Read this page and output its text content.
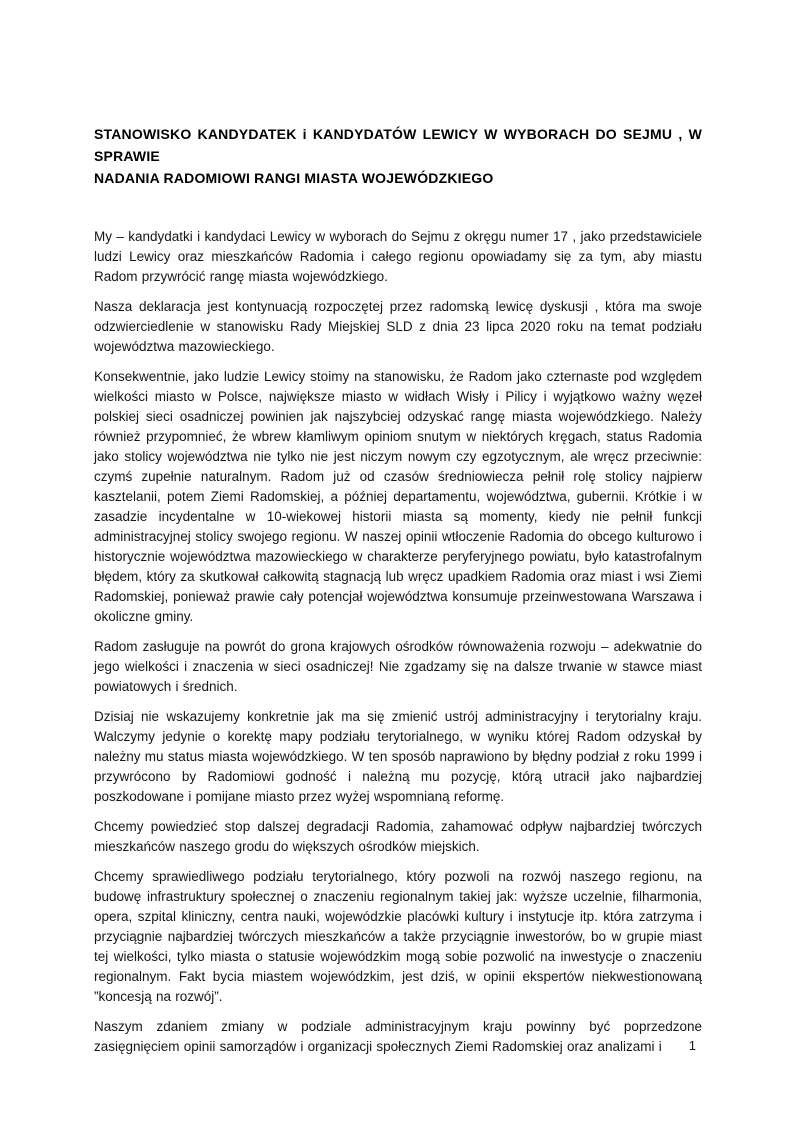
STANOWISKO KANDYDATEK i KANDYDATÓW LEWICY W WYBORACH DO SEJMU , W SPRAWIE
NADANIA RADOMIOWI RANGI MIASTA WOJEWÓDZKIEGO

My – kandydatki i kandydaci Lewicy w wyborach do Sejmu z okręgu numer 17 , jako przedstawiciele ludzi Lewicy oraz mieszkańców Radomia i całego regionu opowiadamy się za tym, aby miastu Radom przywrócić rangę miasta wojewódzkiego.

Nasza deklaracja jest kontynuacją rozpoczętej przez radomską lewicę dyskusji , która ma swoje odzwierciedlenie w stanowisku Rady Miejskiej SLD z dnia 23 lipca 2020 roku na temat podziału województwa mazowieckiego.

Konsekwentnie, jako ludzie Lewicy stoimy na stanowisku, że Radom jako czternaste pod względem wielkości miasto w Polsce, największe miasto w widłach Wisły i Pilicy i wyjątkowo ważny węzeł polskiej sieci osadniczej powinien jak najszybciej odzyskać rangę miasta wojewódzkiego. Należy również przypomnieć, że wbrew kłamliwym opiniom snutym w niektórych kręgach, status Radomia jako stolicy województwa nie tylko nie jest niczym nowym czy egzotycznym, ale wręcz przeciwnie: czymś zupełnie naturalnym. Radom już od czasów średniowiecza pełnił rolę stolicy najpierw kasztelanii, potem Ziemi Radomskiej, a później departamentu, województwa, gubernii. Krótkie i w zasadzie incydentalne w 10-wiekowej historii miasta są momenty, kiedy nie pełnił funkcji administracyjnej stolicy swojego regionu. W naszej opinii wtłoczenie Radomia do obcego kulturowo i historycznie województwa mazowieckiego w charakterze peryferyjnego powiatu, było katastrofalnym błędem, który za skutkował całkowitą stagnacją lub wręcz upadkiem Radomia oraz miast i wsi Ziemi Radomskiej, ponieważ prawie cały potencjał województwa konsumuje przeinwestowana Warszawa i okoliczne gminy.

Radom zasługuje na powrót do grona krajowych ośrodków równoważenia rozwoju – adekwatnie do jego wielkości i znaczenia w sieci osadniczej! Nie zgadzamy się na dalsze trwanie w stawce miast powiatowych i średnich.

Dzisiaj nie wskazujemy konkretnie jak ma się zmienić ustrój administracyjny i terytorialny kraju. Walczymy jedynie o korektę mapy podziału terytorialnego, w wyniku której Radom odzyskał by należny mu status miasta wojewódzkiego. W ten sposób naprawiono by błędny podział z roku 1999 i przywrócono by Radomiowi godność i należną mu pozycję, którą utracił jako najbardziej poszkodowane i pomijane miasto przez wyżej wspomnianą reformę.

Chcemy powiedzieć stop dalszej degradacji Radomia, zahamować odpływ najbardziej twórczych mieszkańców naszego grodu do większych ośrodków miejskich.

Chcemy sprawiedliwego podziału terytorialnego, który pozwoli na rozwój naszego regionu, na budowę infrastruktury społecznej o znaczeniu regionalnym takiej jak: wyższe uczelnie, filharmonia, opera, szpital kliniczny, centra nauki, wojewódzkie placówki kultury i instytucje itp. która zatrzyma i przyciągnie najbardziej twórczych mieszkańców a także przyciągnie inwestorów, bo w grupie miast tej wielkości, tylko miasta o statusie wojewódzkim mogą sobie pozwolić na inwestycje o znaczeniu regionalnym. Fakt bycia miastem wojewódzkim, jest dziś, w opinii ekspertów niekwestionowaną ”koncesją na rozwój”.

Naszym zdaniem zmiany w podziale administracyjnym kraju powinny być poprzedzone zasięgnięciem opinii samorządów i organizacji społecznych Ziemi Radomskiej oraz analizami i	1
